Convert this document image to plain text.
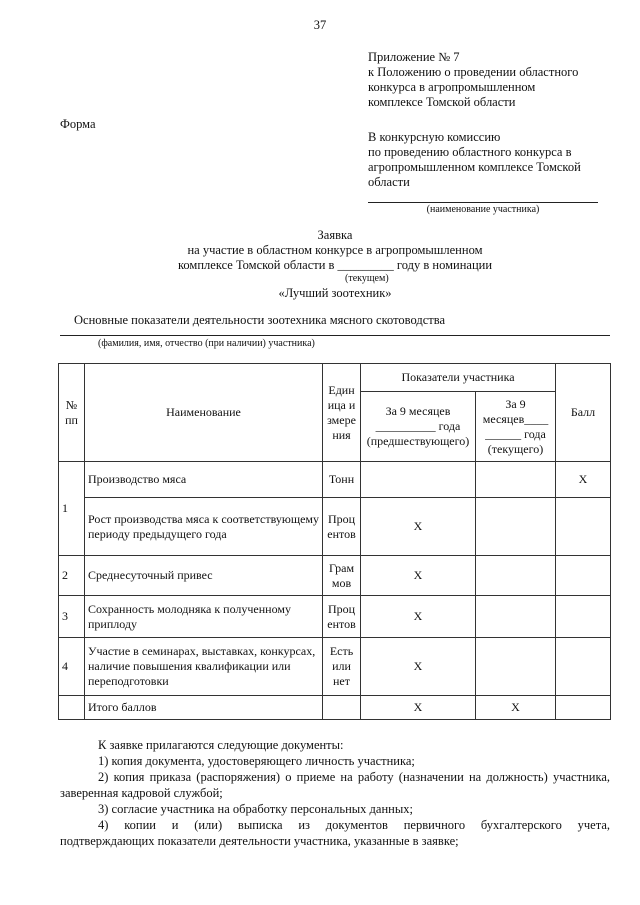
37
Приложение № 7
к Положению о проведении областного
конкурса в агропромышленном
комплексе Томской области
Форма
В конкурсную комиссию
по проведению областного конкурса в
агропромышленном комплексе Томской
области
(наименование участника)
Заявка
на участие в областном конкурсе в агропромышленном
комплексе Томской области в _________ году в номинации
(текущем)
«Лучший зоотехник»
Основные показатели деятельности зоотехника мясного скотоводства
(фамилия, имя, отчество (при наличии) участника)
№ пп	Наименование	Единица измерения	Показатели участника		Балл
			За 9 месяцев __________ года (предшествующего)	За 9 месяцев____ ______ года (текущего)	
1	Производство мяса	Тонн			X
	Рост производства мяса к соответствующему периоду предыдущего года	Процентов	X		
2	Среднесуточный привес	Граммов	X		
3	Сохранность молодняка к полученному приплоду	Процентов	X		
4	Участие в семинарах, выставках, конкурсах, наличие повышения квалификации или переподготовки	Есть или нет	X		
	Итого баллов		X	X	

К заявке прилагаются следующие документы:

1) копия документа, удостоверяющего личность участника;

2) копия приказа (распоряжения) о приеме на работу (назначении на должность) участника,

заверенная кадровой службой;

3) согласие участника на обработку персональных данных;

4) копии и (или) выписка из документов первичного бухгалтерского учета,

подтверждающих показатели деятельности участника, указанные в заявке;
